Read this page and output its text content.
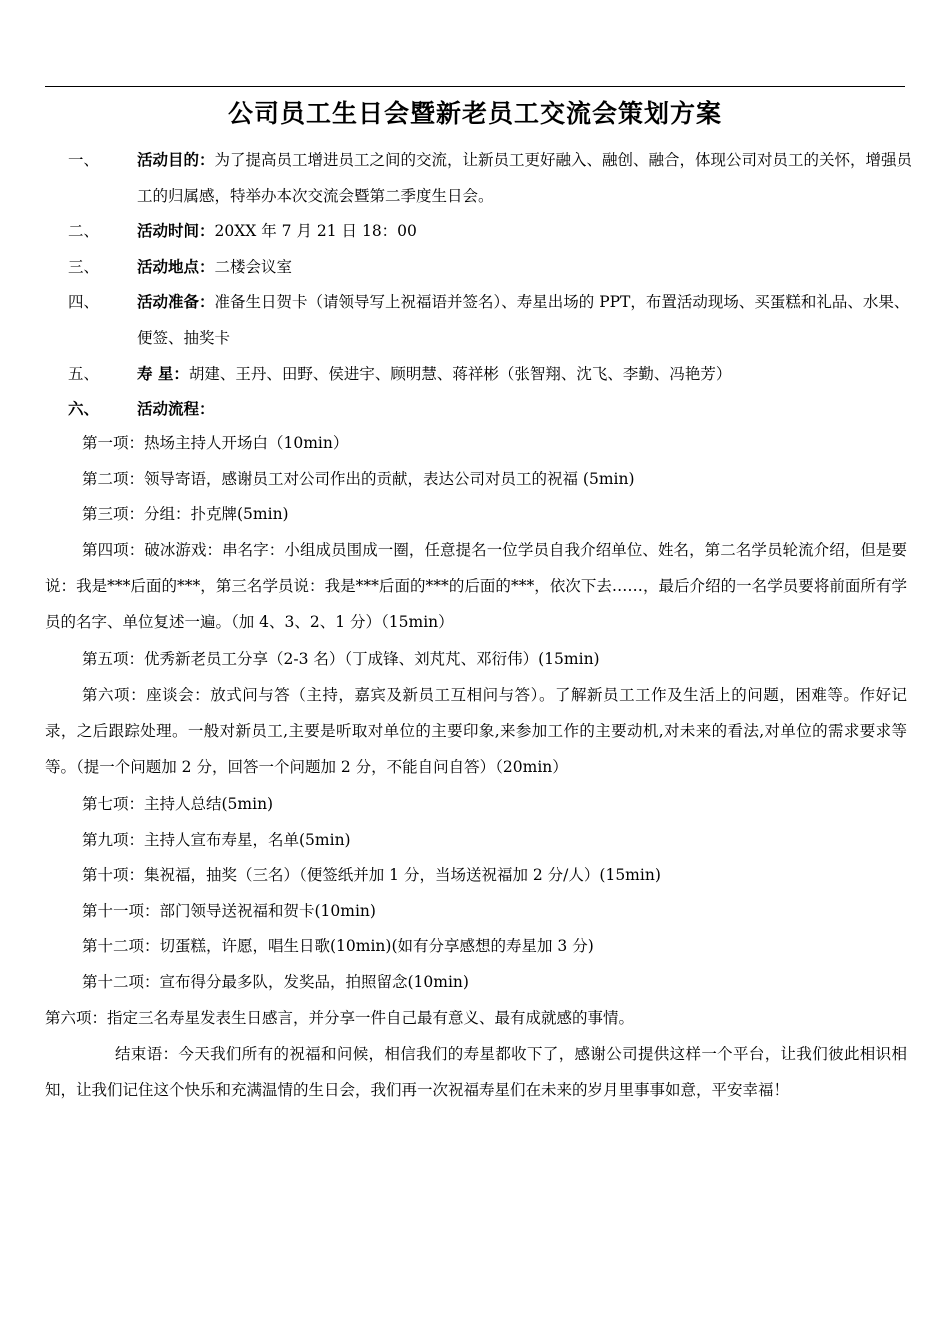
公司员工生日会暨新老员工交流会策划方案
一、 活动目的：为了提高员工增进员工之间的交流，让新员工更好融入、融创、融合，体现公司对员工的关怀，增强员工的归属感，特举办本次交流会暨第二季度生日会。
二、 活动时间：20XX 年 7 月 21 日 18：00
三、 活动地点：二楼会议室
四、 活动准备：准备生日贺卡（请领导写上祝福语并签名）、寿星出场的 PPT，布置活动现场、买蛋糕和礼品、水果、便签、抽奖卡
五、 寿 星：胡建、王丹、田野、侯进宇、顾明慧、蒋祥彬（张智翔、沈飞、李勤、冯艳芳）
六、 活动流程：
第一项：热场主持人开场白（10min）
第二项：领导寄语，感谢员工对公司作出的贡献，表达公司对员工的祝福 (5min)
第三项：分组：扑克牌(5min)
第四项：破冰游戏：串名字：小组成员围成一圈，任意提名一位学员自我介绍单位、姓名，第二名学员轮流介绍，但是要说：我是***后面的***，第三名学员说：我是***后面的***的后面的***，依次下去……，最后介绍的一名学员要将前面所有学员的名字、单位复述一遍。（加 4、3、2、1 分）（15min）
第五项：优秀新老员工分享（2-3 名）（丁成锋、刘芃芃、邓衍伟）(15min)
第六项：座谈会：放式问与答（主持，嘉宾及新员工互相问与答）。了解新员工工作及生活上的问题，困难等。作好记录，之后跟踪处理。一般对新员工,主要是听取对单位的主要印象,来参加工作的主要动机,对未来的看法,对单位的需求要求等等。（提一个问题加 2 分，回答一个问题加 2 分，不能自问自答）（20min）
第七项：主持人总结(5min)
第九项：主持人宣布寿星，名单(5min)
第十项：集祝福，抽奖（三名）（便签纸并加 1 分，当场送祝福加 2 分/人）(15min)
第十一项：部门领导送祝福和贺卡(10min)
第十二项：切蛋糕，许愿，唱生日歌(10min)(如有分享感想的寿星加 3 分)
第十二项：宣布得分最多队，发奖品，拍照留念(10min)
第六项：指定三名寿星发表生日感言，并分享一件自己最有意义、最有成就感的事情。
结束语：今天我们所有的祝福和问候，相信我们的寿星都收下了，感谢公司提供这样一个平台，让我们彼此相识相知，让我们记住这个快乐和充满温情的生日会，我们再一次祝福寿星们在未来的岁月里事事如意，平安幸福！
